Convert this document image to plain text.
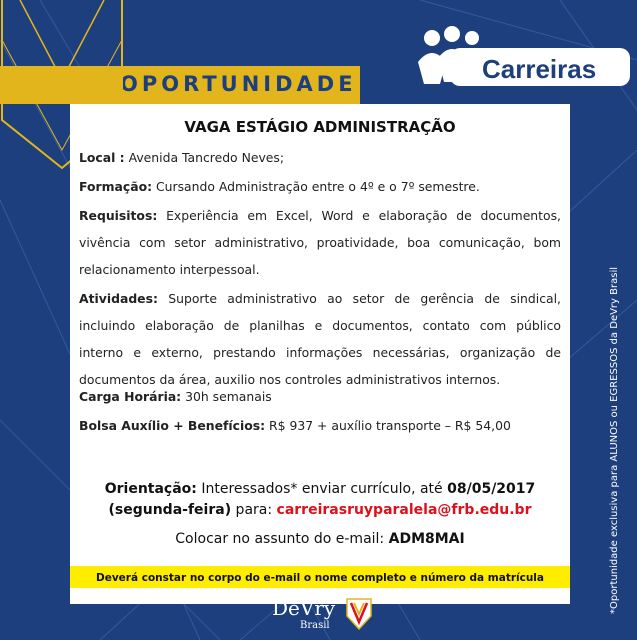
OPORTUNIDADE	Carreiras
VAGA ESTÁGIO ADMINISTRAÇÃO
Local : Avenida Tancredo Neves;
Formação: Cursando Administração entre o 4º e o 7º semestre.
Requisitos: Experiência em Excel, Word e elaboração de documentos, vivência com setor administrativo, proatividade, boa comunicação, bom relacionamento interpessoal.
Atividades: Suporte administrativo ao setor de gerência de sindical, incluindo elaboração de planilhas e documentos, contato com público interno e externo, prestando informações necessárias, organização de documentos da área, auxilio nos controles administrativos internos.
Carga Horária: 30h semanais
Bolsa Auxílio + Benefícios: R$ 937 + auxílio transporte – R$ 54,00
Orientação: Interessados* enviar currículo, até 08/05/2017
(segunda-feira) para: carreirasruyparalela@frb.edu.br
Colocar no assunto do e-mail: ADM8MAI
Deverá constar no corpo do e-mail o nome completo e número da matrícula
DeVry
Brasil
*Oportunidade exclusiva para ALUNOS ou EGRESSOS da DeVry Brasil
